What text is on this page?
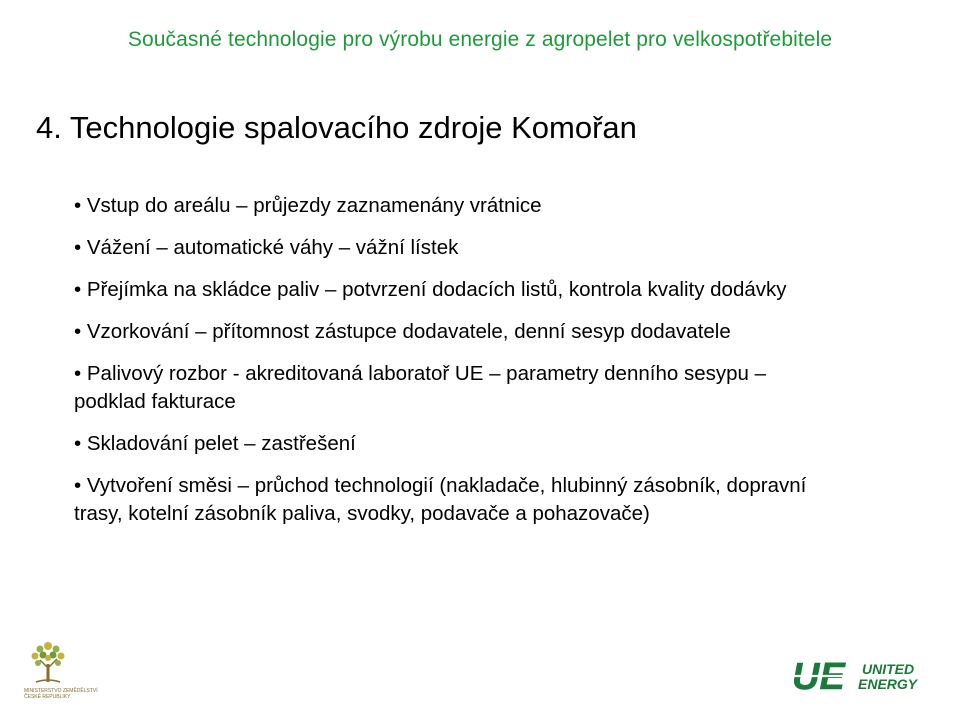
Současné technologie pro výrobu energie z agropelet pro velkospotřebitele
4. Technologie spalovacího zdroje Komořan
• Vstup do areálu – průjezdy zaznamenány vrátnice
• Vážení – automatické váhy – vážní lístek
• Přejímka na skládce paliv – potvrzení dodacích listů, kontrola kvality dodávky
• Vzorkování – přítomnost zástupce dodavatele, denní sesyp dodavatele
• Palivový rozbor - akreditovaná laboratoř UE – parametry denního sesypu – podklad fakturace
• Skladování pelet – zastřešení
• Vytvoření směsi – průchod technologií (nakladače, hlubinný zásobník, dopravní trasy, kotelní zásobník paliva, svodky, podavače a pohazovače)
MINISTERSTVO ZEMĚDĚLSTVÍ
ČESKÉ REPUBLIKY	UE UNITED
ENERGY
